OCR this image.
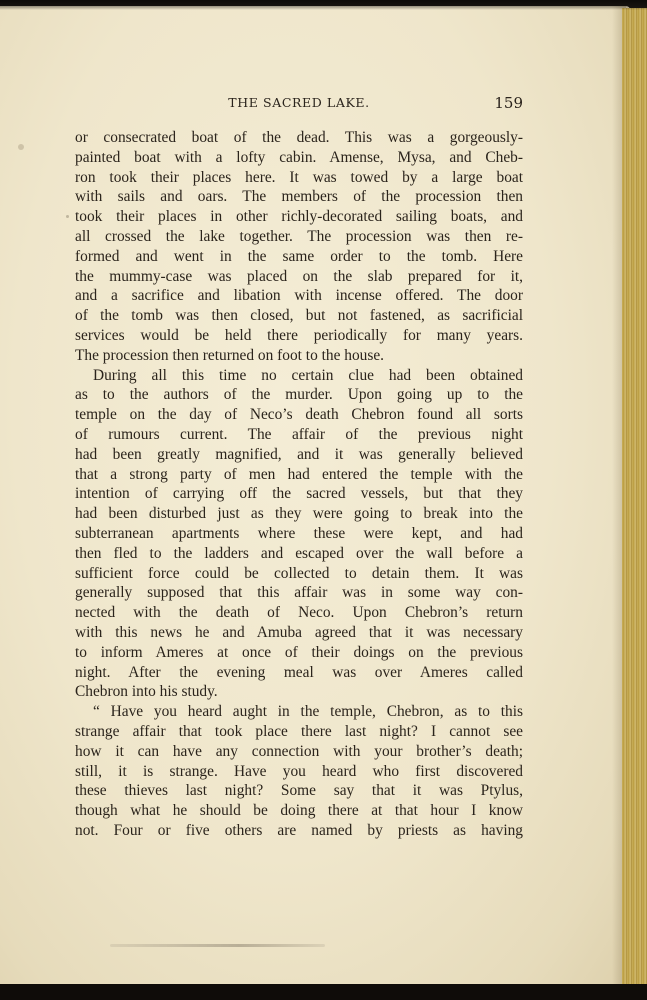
THE SACRED LAKE.	159
or consecrated boat of the dead. This was a gorgeously-
painted boat with a lofty cabin. Amense, Mysa, and Cheb-
ron took their places here. It was towed by a large boat
with sails and oars. The members of the procession then
took their places in other richly-decorated sailing boats, and
all crossed the lake together. The procession was then re-
formed and went in the same order to the tomb. Here
the mummy-case was placed on the slab prepared for it,
and a sacrifice and libation with incense offered. The door
of the tomb was then closed, but not fastened, as sacrificial
services would be held there periodically for many years.
The procession then returned on foot to the house.
During all this time no certain clue had been obtained
as to the authors of the murder. Upon going up to the
temple on the day of Neco’s death Chebron found all sorts
of rumours current. The affair of the previous night
had been greatly magnified, and it was generally believed
that a strong party of men had entered the temple with the
intention of carrying off the sacred vessels, but that they
had been disturbed just as they were going to break into the
subterranean apartments where these were kept, and had
then fled to the ladders and escaped over the wall before a
sufficient force could be collected to detain them. It was
generally supposed that this affair was in some way con-
nected with the death of Neco. Upon Chebron’s return
with this news he and Amuba agreed that it was necessary
to inform Ameres at once of their doings on the previous
night. After the evening meal was over Ameres called
Chebron into his study.
“ Have you heard aught in the temple, Chebron, as to this
strange affair that took place there last night? I cannot see
how it can have any connection with your brother’s death;
still, it is strange. Have you heard who first discovered
these thieves last night? Some say that it was Ptylus,
though what he should be doing there at that hour I know
not. Four or five others are named by priests as having
